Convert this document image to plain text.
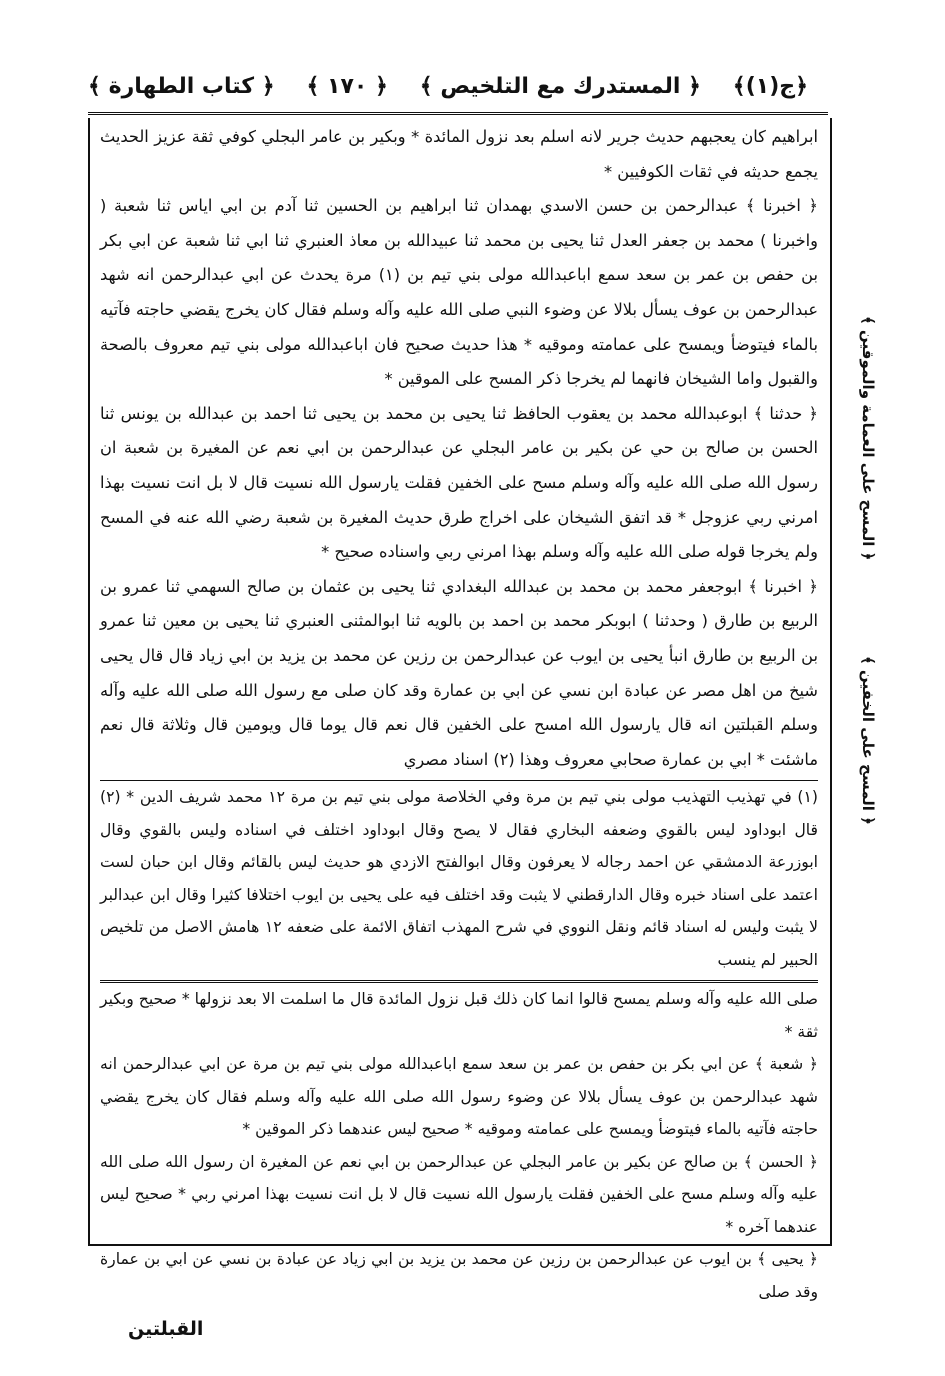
﴿ج(١)﴾
﴿ المستدرك مع التلخيص ﴾
﴿ ١٧٠ ﴾
﴿ كتاب الطهارة ﴾

ابراهيم كان يعجبهم حديث جرير لانه اسلم بعد نزول المائدة * وبكير بن عامر البجلي كوفي ثقة عزيز الحديث يجمع حديثه في ثقات الكوفيين *

﴿ اخبرنا ﴾ عبدالرحمن بن حسن الاسدي بهمدان ثنا ابراهيم بن الحسين ثنا آدم بن ابي اياس ثنا شعبة ( واخبرنا ) محمد بن جعفر العدل ثنا يحيى بن محمد ثنا عبيدالله بن معاذ العنبري ثنا ابي ثنا شعبة عن ابي بكر بن حفص بن عمر بن سعد سمع اباعبدالله مولى بني تيم بن (١) مرة يحدث عن ابي عبدالرحمن انه شهد عبدالرحمن بن عوف يسأل بلالا عن وضوء النبي صلى الله عليه وآله وسلم فقال كان يخرج يقضي حاجته فآتيه بالماء فيتوضأ ويمسح على عمامته وموقيه * هذا حديث صحيح فان اباعبدالله مولى بني تيم معروف بالصحة والقبول واما الشيخان فانهما لم يخرجا ذكر المسح على الموقين *

﴿ حدثنا ﴾ ابوعبدالله محمد بن يعقوب الحافظ ثنا يحيى بن محمد بن يحيى ثنا احمد بن عبدالله بن يونس ثنا الحسن بن صالح بن حي عن بكير بن عامر البجلي عن عبدالرحمن بن ابي نعم عن المغيرة بن شعبة ان رسول الله صلى الله عليه وآله وسلم مسح على الخفين فقلت يارسول الله نسيت قال لا بل انت نسيت بهذا امرني ربي عزوجل * قد اتفق الشيخان على اخراج طرق حديث المغيرة بن شعبة رضي الله عنه في المسح ولم يخرجا قوله صلى الله عليه وآله وسلم بهذا امرني ربي واسناده صحيح *

﴿ اخبرنا ﴾ ابوجعفر محمد بن محمد بن عبدالله البغدادي ثنا يحيى بن عثمان بن صالح السهمي ثنا عمرو بن الربيع بن طارق ( وحدثنا ) ابوبكر محمد بن احمد بن بالويه ثنا ابوالمثنى العنبري ثنا يحيى بن معين ثنا عمرو بن الربيع بن طارق انبأ يحيى بن ايوب عن عبدالرحمن بن رزين عن محمد بن يزيد بن ابي زياد قال قال يحيى شيخ من اهل مصر عن عبادة ابن نسي عن ابي بن عمارة وقد كان صلى مع رسول الله صلى الله عليه وآله وسلم القبلتين انه قال يارسول الله امسح على الخفين قال نعم قال يوما قال ويومين قال وثلاثة قال نعم ماشئت * ابي بن عمارة صحابي معروف وهذا (٢) اسناد مصري

(١) في تهذيب التهذيب مولى بني تيم بن مرة وفي الخلاصة مولى بني تيم بن مرة ١٢ محمد شريف الدين * (٢) قال ابوداود ليس بالقوي وضعفه البخاري فقال لا يصح وقال ابوداود اختلف في اسناده وليس بالقوي وقال ابوزرعة الدمشقي عن احمد رجاله لا يعرفون وقال ابوالفتح الازدي هو حديث ليس بالقائم وقال ابن حبان لست اعتمد على اسناد خبره وقال الدارقطني لا يثبت وقد اختلف فيه على يحيى بن ايوب اختلافا كثيرا وقال ابن عبدالبر لا يثبت وليس له اسناد قائم ونقل النووي في شرح المهذب اتفاق الائمة على ضعفه ١٢ هامش الاصل من تلخيص الحبير لم ينسب

صلى الله عليه وآله وسلم يمسح قالوا انما كان ذلك قبل نزول المائدة قال ما اسلمت الا بعد نزولها * صحيح وبكير ثقة *

﴿ شعبة ﴾ عن ابي بكر بن حفص بن عمر بن سعد سمع اباعبدالله مولى بني تيم بن مرة عن ابي عبدالرحمن انه شهد عبدالرحمن بن عوف يسأل بلالا عن وضوء رسول الله صلى الله عليه وآله وسلم فقال كان يخرج يقضي حاجته فآتيه بالماء فيتوضأ ويمسح على عمامته وموقيه * صحيح ليس عندهما ذكر الموقين *

﴿ الحسن ﴾ بن صالح عن بكير بن عامر البجلي عن عبدالرحمن بن ابي نعم عن المغيرة ان رسول الله صلى الله عليه وآله وسلم مسح على الخفين فقلت يارسول الله نسيت قال لا بل انت نسيت بهذا امرني ربي * صحيح ليس عندهما آخره *

﴿ يحيى ﴾ بن ايوب عن عبدالرحمن بن رزين عن محمد بن يزيد بن ابي زياد عن عبادة بن نسي عن ابي بن عمارة وقد صلى

﴿ المسح على الخفين ﴾
﴿ المسح على العمامة والموقين ﴾
القبلتين
